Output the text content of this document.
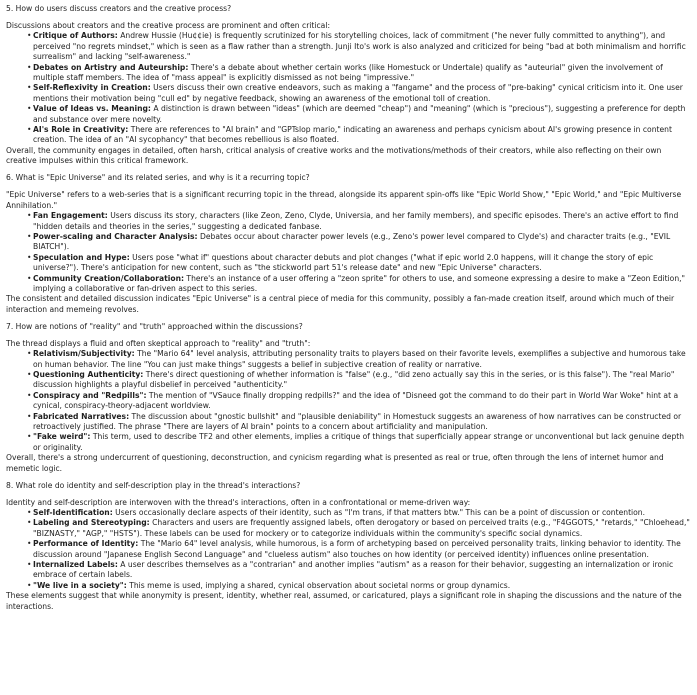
5. How do users discuss creators and the creative process?

Discussions about creators and the creative process are prominent and often critical:

• Critique of Authors: Andrew Hussie (Hu¢¢ie) is frequently scrutinized for his storytelling choices, lack of commitment ("he never fully committed to anything"), and perceived "no regrets mindset," which is seen as a flaw rather than a strength. Junji Ito's work is also analyzed and criticized for being "bad at both minimalism and horrific surrealism" and lacking "self-awareness."
• Debates on Artistry and Auteurship: There's a debate about whether certain works (like Homestuck or Undertale) qualify as "auteurial" given the involvement of multiple staff members. The idea of "mass appeal" is explicitly dismissed as not being "impressive."
• Self-Reflexivity in Creation: Users discuss their own creative endeavors, such as making a "fangame" and the process of "pre-baking" cynical criticism into it. One user mentions their motivation being "cull ed" by negative feedback, showing an awareness of the emotional toll of creation.
• Value of Ideas vs. Meaning: A distinction is drawn between "ideas" (which are deemed "cheap") and "meaning" (which is "precious"), suggesting a preference for depth and substance over mere novelty.
• AI's Role in Creativity: There are references to "AI brain" and "GPTslop mario," indicating an awareness and perhaps cynicism about AI's growing presence in content creation. The idea of an "AI sycophancy" that becomes rebellious is also floated.

Overall, the community engages in detailed, often harsh, critical analysis of creative works and the motivations/methods of their creators, while also reflecting on their own creative impulses within this critical framework.

6. What is "Epic Universe" and its related series, and why is it a recurring topic?

"Epic Universe" refers to a web-series that is a significant recurring topic in the thread, alongside its apparent spin-offs like "Epic World Show," "Epic World," and "Epic Multiverse Annihilation."

• Fan Engagement: Users discuss its story, characters (like Zeon, Zeno, Clyde, Universia, and her family members), and specific episodes. There's an active effort to find "hidden details and theories in the series," suggesting a dedicated fanbase.
• Power-scaling and Character Analysis: Debates occur about character power levels (e.g., Zeno's power level compared to Clyde's) and character traits (e.g., "EVIL BIATCH").
• Speculation and Hype: Users pose "what if" questions about character debuts and plot changes ("what if epic world 2.0 happens, will it change the story of epic universe?"). There's anticipation for new content, such as "the stickworld part 51's release date" and new "Epic Universe" characters.
• Community Creation/Collaboration: There's an instance of a user offering a "zeon sprite" for others to use, and someone expressing a desire to make a "Zeon Edition," implying a collaborative or fan-driven aspect to this series.

The consistent and detailed discussion indicates "Epic Universe" is a central piece of media for this community, possibly a fan-made creation itself, around which much of their interaction and memeing revolves.

7. How are notions of "reality" and "truth" approached within the discussions?

The thread displays a fluid and often skeptical approach to "reality" and "truth":

• Relativism/Subjectivity: The "Mario 64" level analysis, attributing personality traits to players based on their favorite levels, exemplifies a subjective and humorous take on human behavior. The line "You can just make things" suggests a belief in subjective creation of reality or narrative.
• Questioning Authenticity: There's direct questioning of whether information is "false" (e.g., "did zeno actually say this in the series, or is this false"). The "real Mario" discussion highlights a playful disbelief in perceived "authenticity."
• Conspiracy and "Redpills": The mention of "VSauce finally dropping redpills?" and the idea of "Disneed got the command to do their part in World War Woke" hint at a cynical, conspiracy-theory-adjacent worldview.
• Fabricated Narratives: The discussion about "gnostic bullshit" and "plausible deniability" in Homestuck suggests an awareness of how narratives can be constructed or retroactively justified. The phrase "There are layers of AI brain" points to a concern about artificiality and manipulation.
• "Fake weird": This term, used to describe TF2 and other elements, implies a critique of things that superficially appear strange or unconventional but lack genuine depth or originality.

Overall, there's a strong undercurrent of questioning, deconstruction, and cynicism regarding what is presented as real or true, often through the lens of internet humor and memetic logic.

8. What role do identity and self-description play in the thread's interactions?

Identity and self-description are interwoven with the thread's interactions, often in a confrontational or meme-driven way:

• Self-Identification: Users occasionally declare aspects of their identity, such as "I'm trans, if that matters btw." This can be a point of discussion or contention.
• Labeling and Stereotyping: Characters and users are frequently assigned labels, often derogatory or based on perceived traits (e.g., "F4GGOTS," "retards," "Chloehead," "BIZNASTY," "AGP," "HSTS"). These labels can be used for mockery or to categorize individuals within the community's specific social dynamics.
• Performance of Identity: The "Mario 64" level analysis, while humorous, is a form of archetyping based on perceived personality traits, linking behavior to identity. The discussion around "Japanese English Second Language" and "clueless autism" also touches on how identity (or perceived identity) influences online presentation.
• Internalized Labels: A user describes themselves as a "contrarian" and another implies "autism" as a reason for their behavior, suggesting an internalization or ironic embrace of certain labels.
• "We live in a society": This meme is used, implying a shared, cynical observation about societal norms or group dynamics.

These elements suggest that while anonymity is present, identity, whether real, assumed, or caricatured, plays a significant role in shaping the discussions and the nature of the interactions.
